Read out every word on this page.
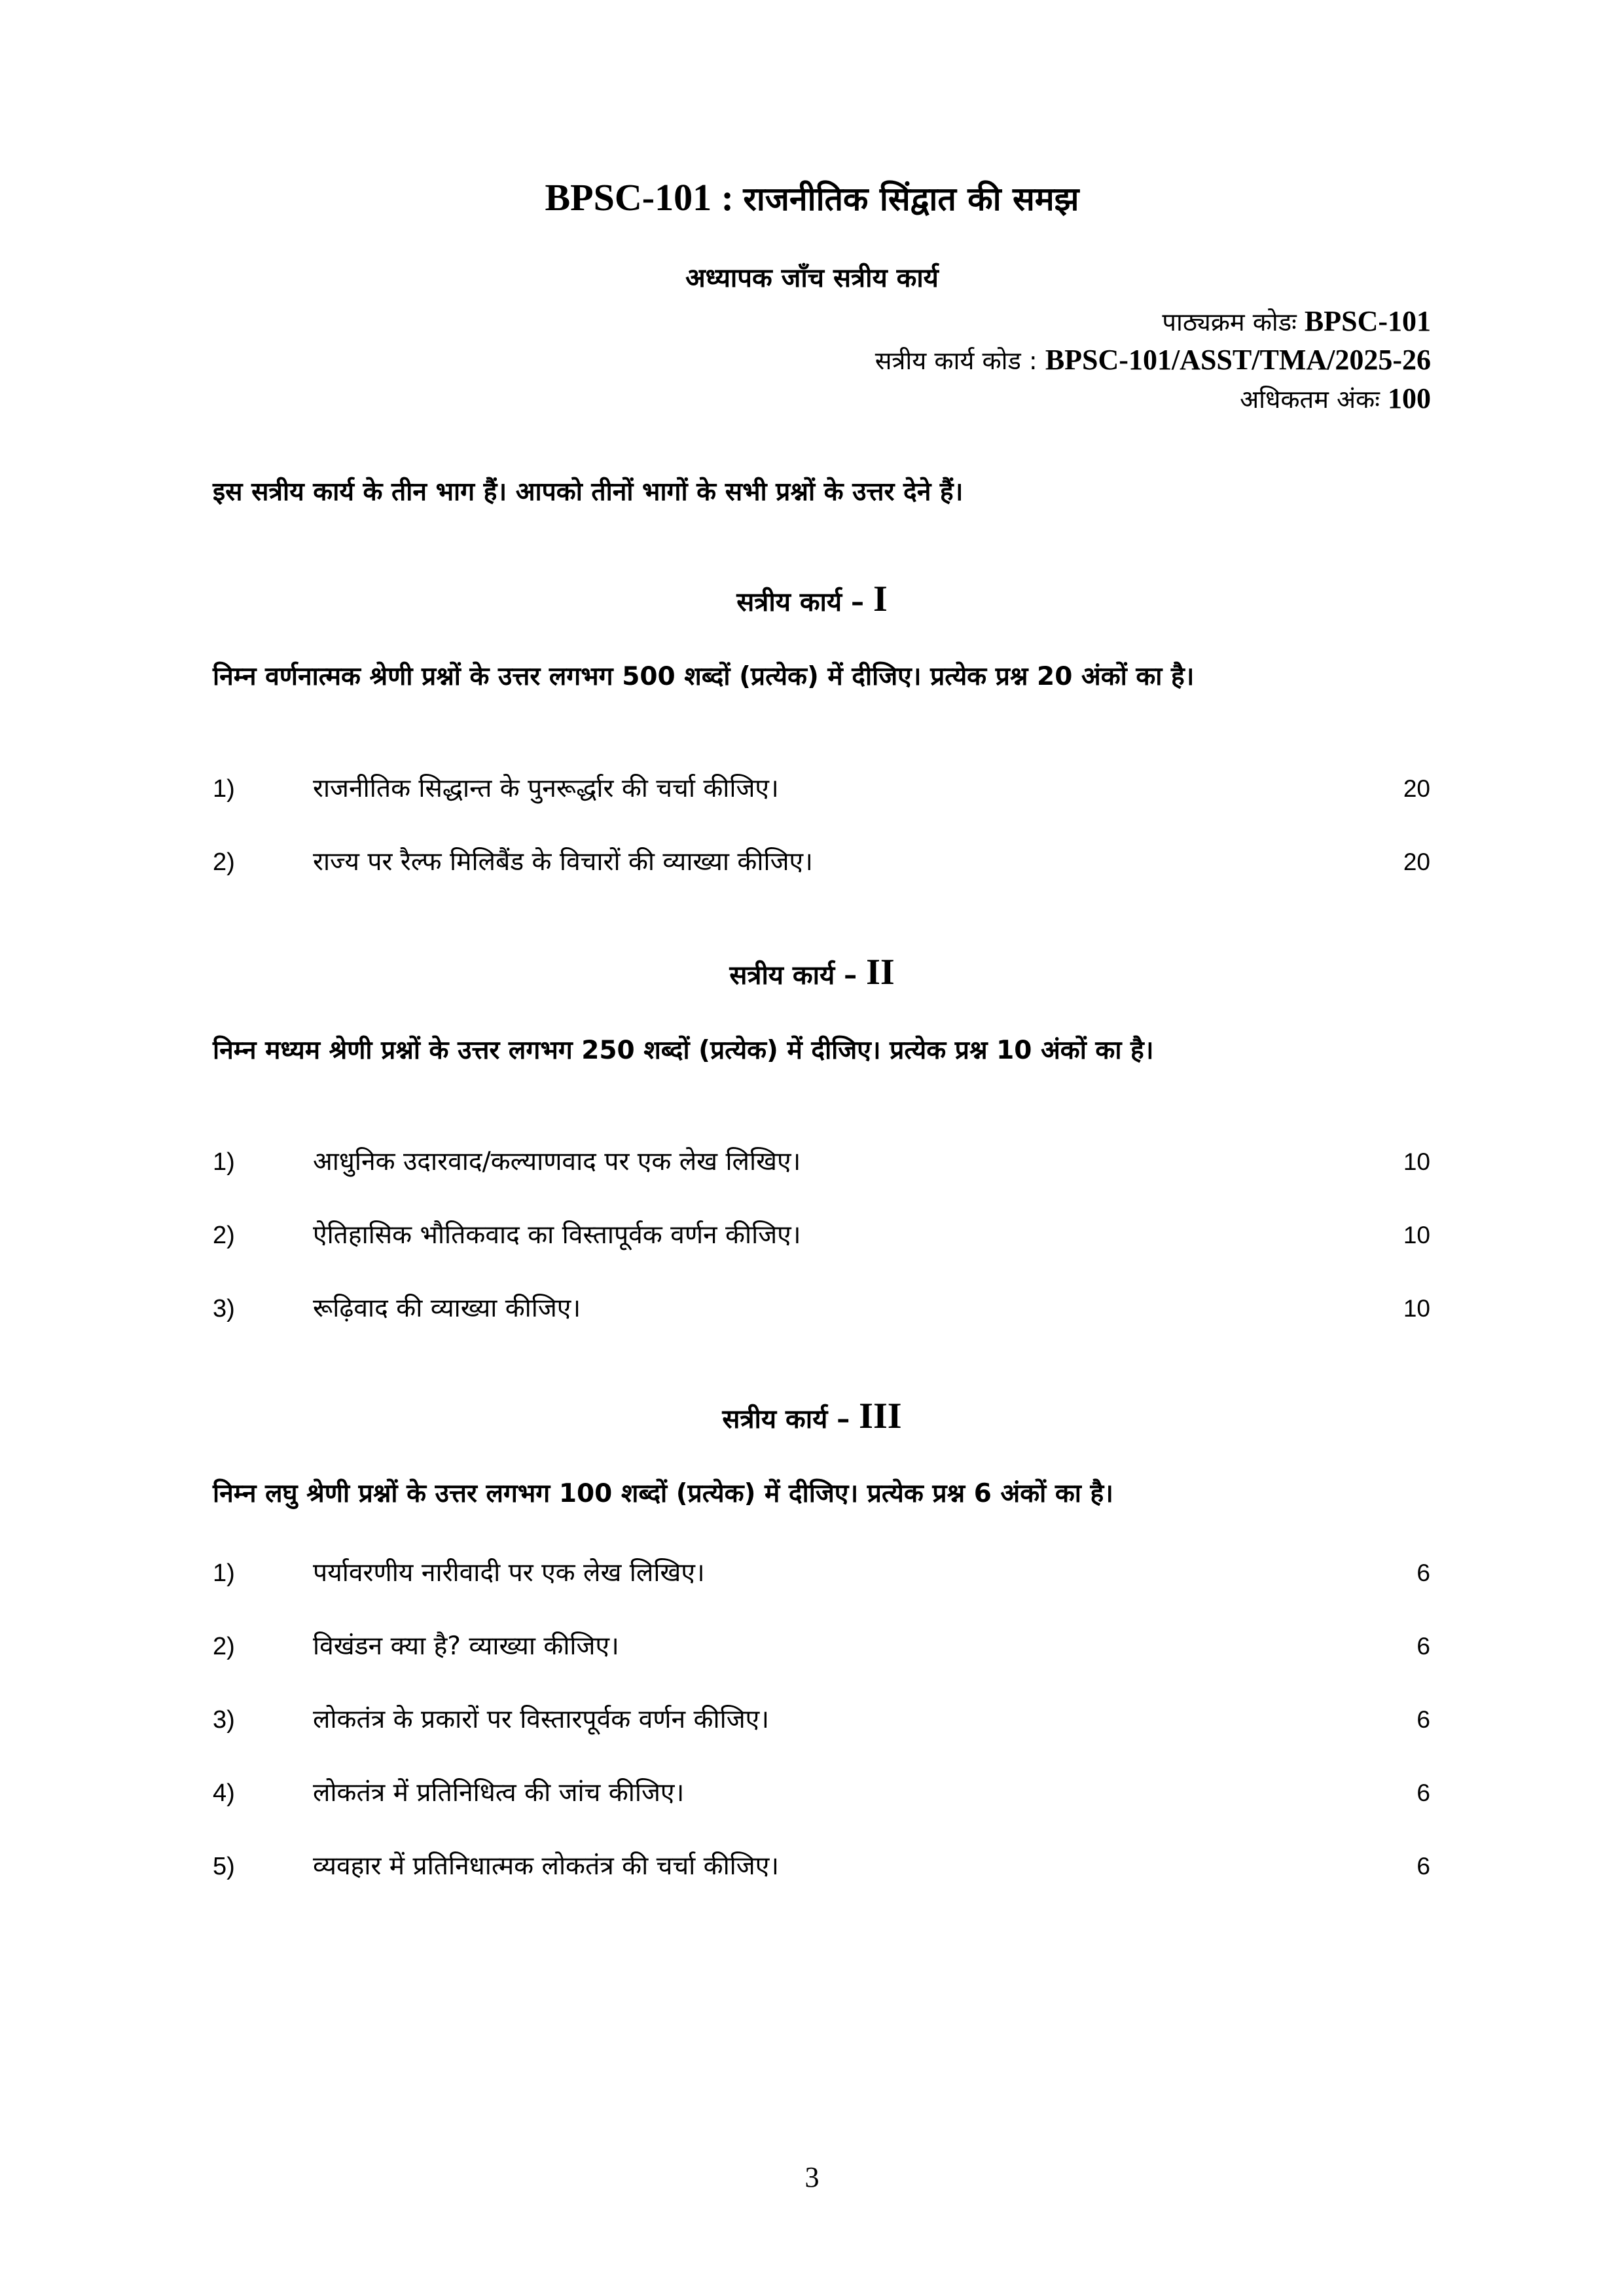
BPSC-101 : राजनीतिक सिंद्वात की समझ
अध्यापक जाँच सत्रीय कार्य
पाठ्यक्रम कोडः BPSC-101
सत्रीय कार्य कोड : BPSC-101/ASST/TMA/2025-26
अधिकतम अंकः 100
इस सत्रीय कार्य के तीन भाग हैं। आपको तीनों भागों के सभी प्रश्नों के उत्तर देने हैं।
सत्रीय कार्य – I
निम्न वर्णनात्मक श्रेणी प्रश्नों के उत्तर लगभग 500 शब्दों (प्रत्येक) में दीजिए। प्रत्येक प्रश्न 20 अंकों का है।
1)	राजनीतिक सिद्धान्त के पुनरूर्द्धार की चर्चा कीजिए।	20
2)	राज्य पर रैल्फ मिलिबैंड के विचारों की व्याख्या कीजिए।	20
सत्रीय कार्य – II
निम्न मध्यम श्रेणी प्रश्नों के उत्तर लगभग 250 शब्दों (प्रत्येक) में दीजिए। प्रत्येक प्रश्न 10 अंकों का है।
1)	आधुनिक उदारवाद/कल्याणवाद पर एक लेख लिखिए।	10
2)	ऐतिहासिक भौतिकवाद का विस्तापूर्वक वर्णन कीजिए।	10
3)	रूढ़िवाद की व्याख्या कीजिए।	10
सत्रीय कार्य – III
निम्न लघु श्रेणी प्रश्नों के उत्तर लगभग 100 शब्दों (प्रत्येक) में दीजिए। प्रत्येक प्रश्न 6 अंकों का है।
1)	पर्यावरणीय नारीवादी पर एक लेख लिखिए।	6
2)	विखंडन क्या है? व्याख्या कीजिए।	6
3)	लोकतंत्र के प्रकारों पर विस्तारपूर्वक वर्णन कीजिए।	6
4)	लोकतंत्र में प्रतिनिधित्व की जांच कीजिए।	6
5)	व्यवहार में प्रतिनिधात्मक लोकतंत्र की चर्चा कीजिए।	6
3
